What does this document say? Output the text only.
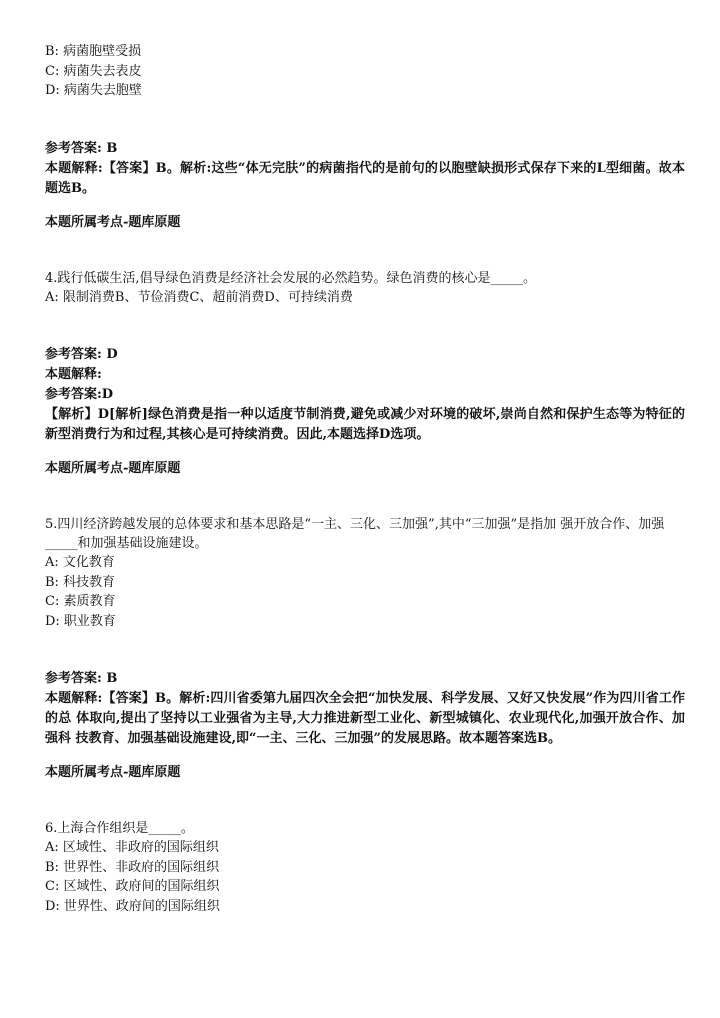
B: 病菌胞壁受损

C: 病菌失去表皮

D: 病菌失去胞壁

参考答案: B

本题解释:【答案】B。解析:这些“体无完肤”的病菌指代的是前句的以胞壁缺损形式保存下来的L型细菌。故本题选B。

本题所属考点-题库原题

4.践行低碳生活,倡导绿色消费是经济社会发展的必然趋势。绿色消费的核心是_____。

A: 限制消费B、节俭消费C、超前消费D、可持续消费

参考答案: D

本题解释:

参考答案:D

【解析】D[解析]绿色消费是指一种以适度节制消费,避免或减少对环境的破坏,崇尚自然和保护生态等为特征的新型消费行为和过程,其核心是可持续消费。因此,本题选择D选项。

本题所属考点-题库原题

5.四川经济跨越发展的总体要求和基本思路是“一主、三化、三加强”,其中“三加强”是指加 强开放合作、加强_____和加强基础设施建设。

A: 文化教育

B: 科技教育

C: 素质教育

D: 职业教育

参考答案: B

本题解释:【答案】B。解析:四川省委第九届四次全会把“加快发展、科学发展、又好又快发展”作为四川省工作的总 体取向,提出了坚持以工业强省为主导,大力推进新型工业化、新型城镇化、农业现代化,加强开放合作、加强科 技教育、加强基础设施建设,即“一主、三化、三加强”的发展思路。故本题答案选B。

本题所属考点-题库原题

6.上海合作组织是_____。

A: 区域性、非政府的国际组织

B: 世界性、非政府的国际组织

C: 区域性、政府间的国际组织

D: 世界性、政府间的国际组织
